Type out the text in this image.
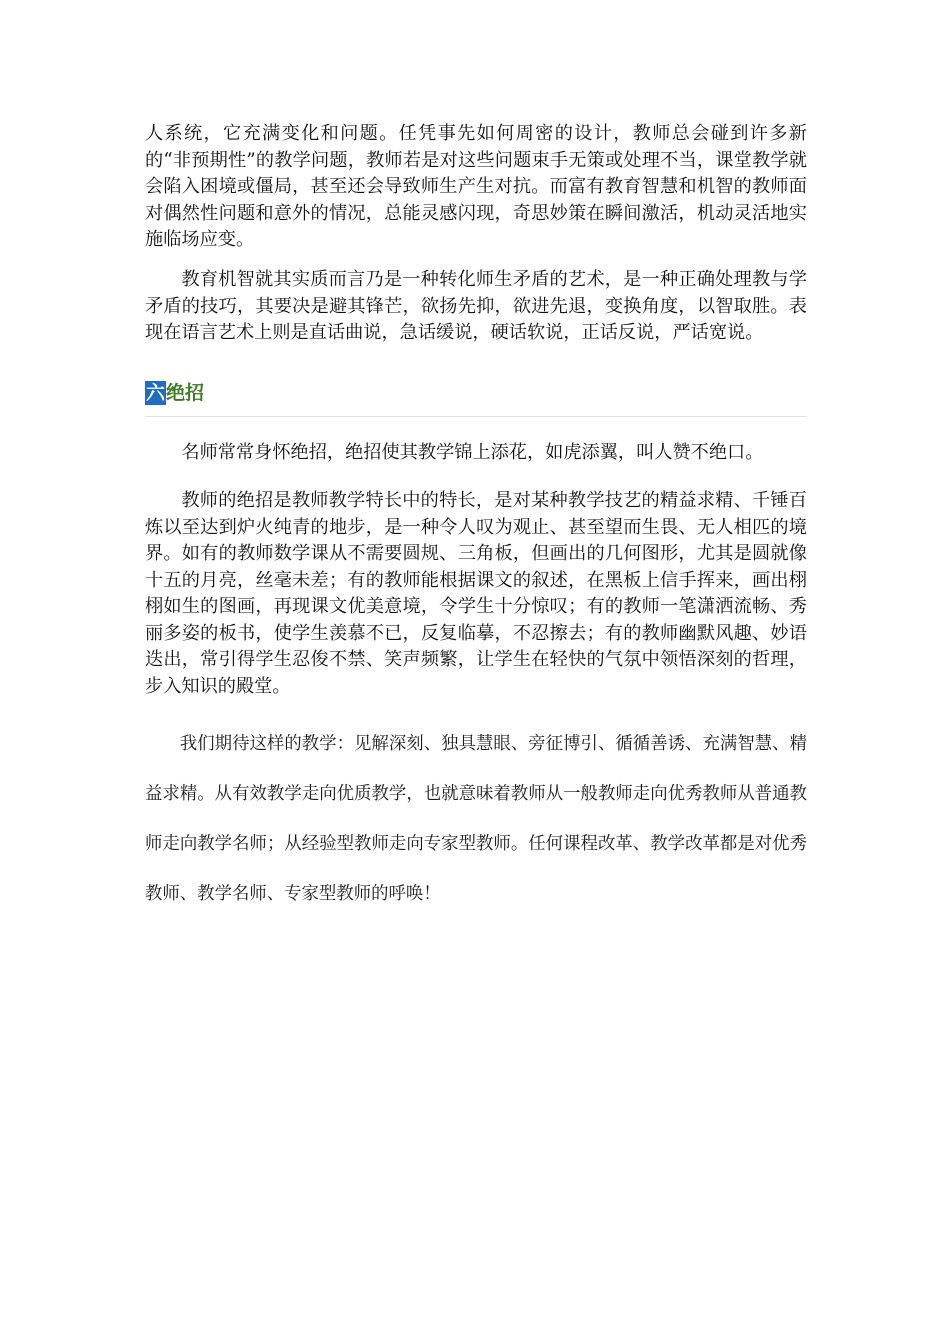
人系统，它充满变化和问题。任凭事先如何周密的设计，教师总会碰到许多新的“非预期性”的教学问题，教师若是对这些问题束手无策或处理不当，课堂教学就会陷入困境或僵局，甚至还会导致师生产生对抗。而富有教育智慧和机智的教师面对偶然性问题和意外的情况，总能灵感闪现，奇思妙策在瞬间激活，机动灵活地实施临场应变。

教育机智就其实质而言乃是一种转化师生矛盾的艺术，是一种正确处理教与学矛盾的技巧，其要决是避其锋芒，欲扬先抑，欲进先退，变换角度，以智取胜。表现在语言艺术上则是直话曲说，急话缓说，硬话软说，正话反说，严话宽说。

六 绝招

名师常常身怀绝招，绝招使其教学锦上添花，如虎添翼，叫人赞不绝口。

教师的绝招是教师教学特长中的特长，是对某种教学技艺的精益求精、千锤百炼以至达到炉火纯青的地步，是一种令人叹为观止、甚至望而生畏、无人相匹的境界。如有的教师数学课从不需要圆规、三角板，但画出的几何图形，尤其是圆就像十五的月亮，丝毫未差；有的教师能根据课文的叙述，在黑板上信手挥来，画出栩栩如生的图画，再现课文优美意境，令学生十分惊叹；有的教师一笔潇洒流畅、秀丽多姿的板书，使学生羡慕不已，反复临摹，不忍擦去；有的教师幽默风趣、妙语迭出，常引得学生忍俊不禁、笑声频繁，让学生在轻快的气氛中领悟深刻的哲理，步入知识的殿堂。

我们期待这样的教学：见解深刻、独具慧眼、旁征博引、循循善诱、充满智慧、精益求精。从有效教学走向优质教学，也就意味着教师从一般教师走向优秀教师从普通教师走向教学名师；从经验型教师走向专家型教师。任何课程改革、教学改革都是对优秀教师、教学名师、专家型教师的呼唤！
